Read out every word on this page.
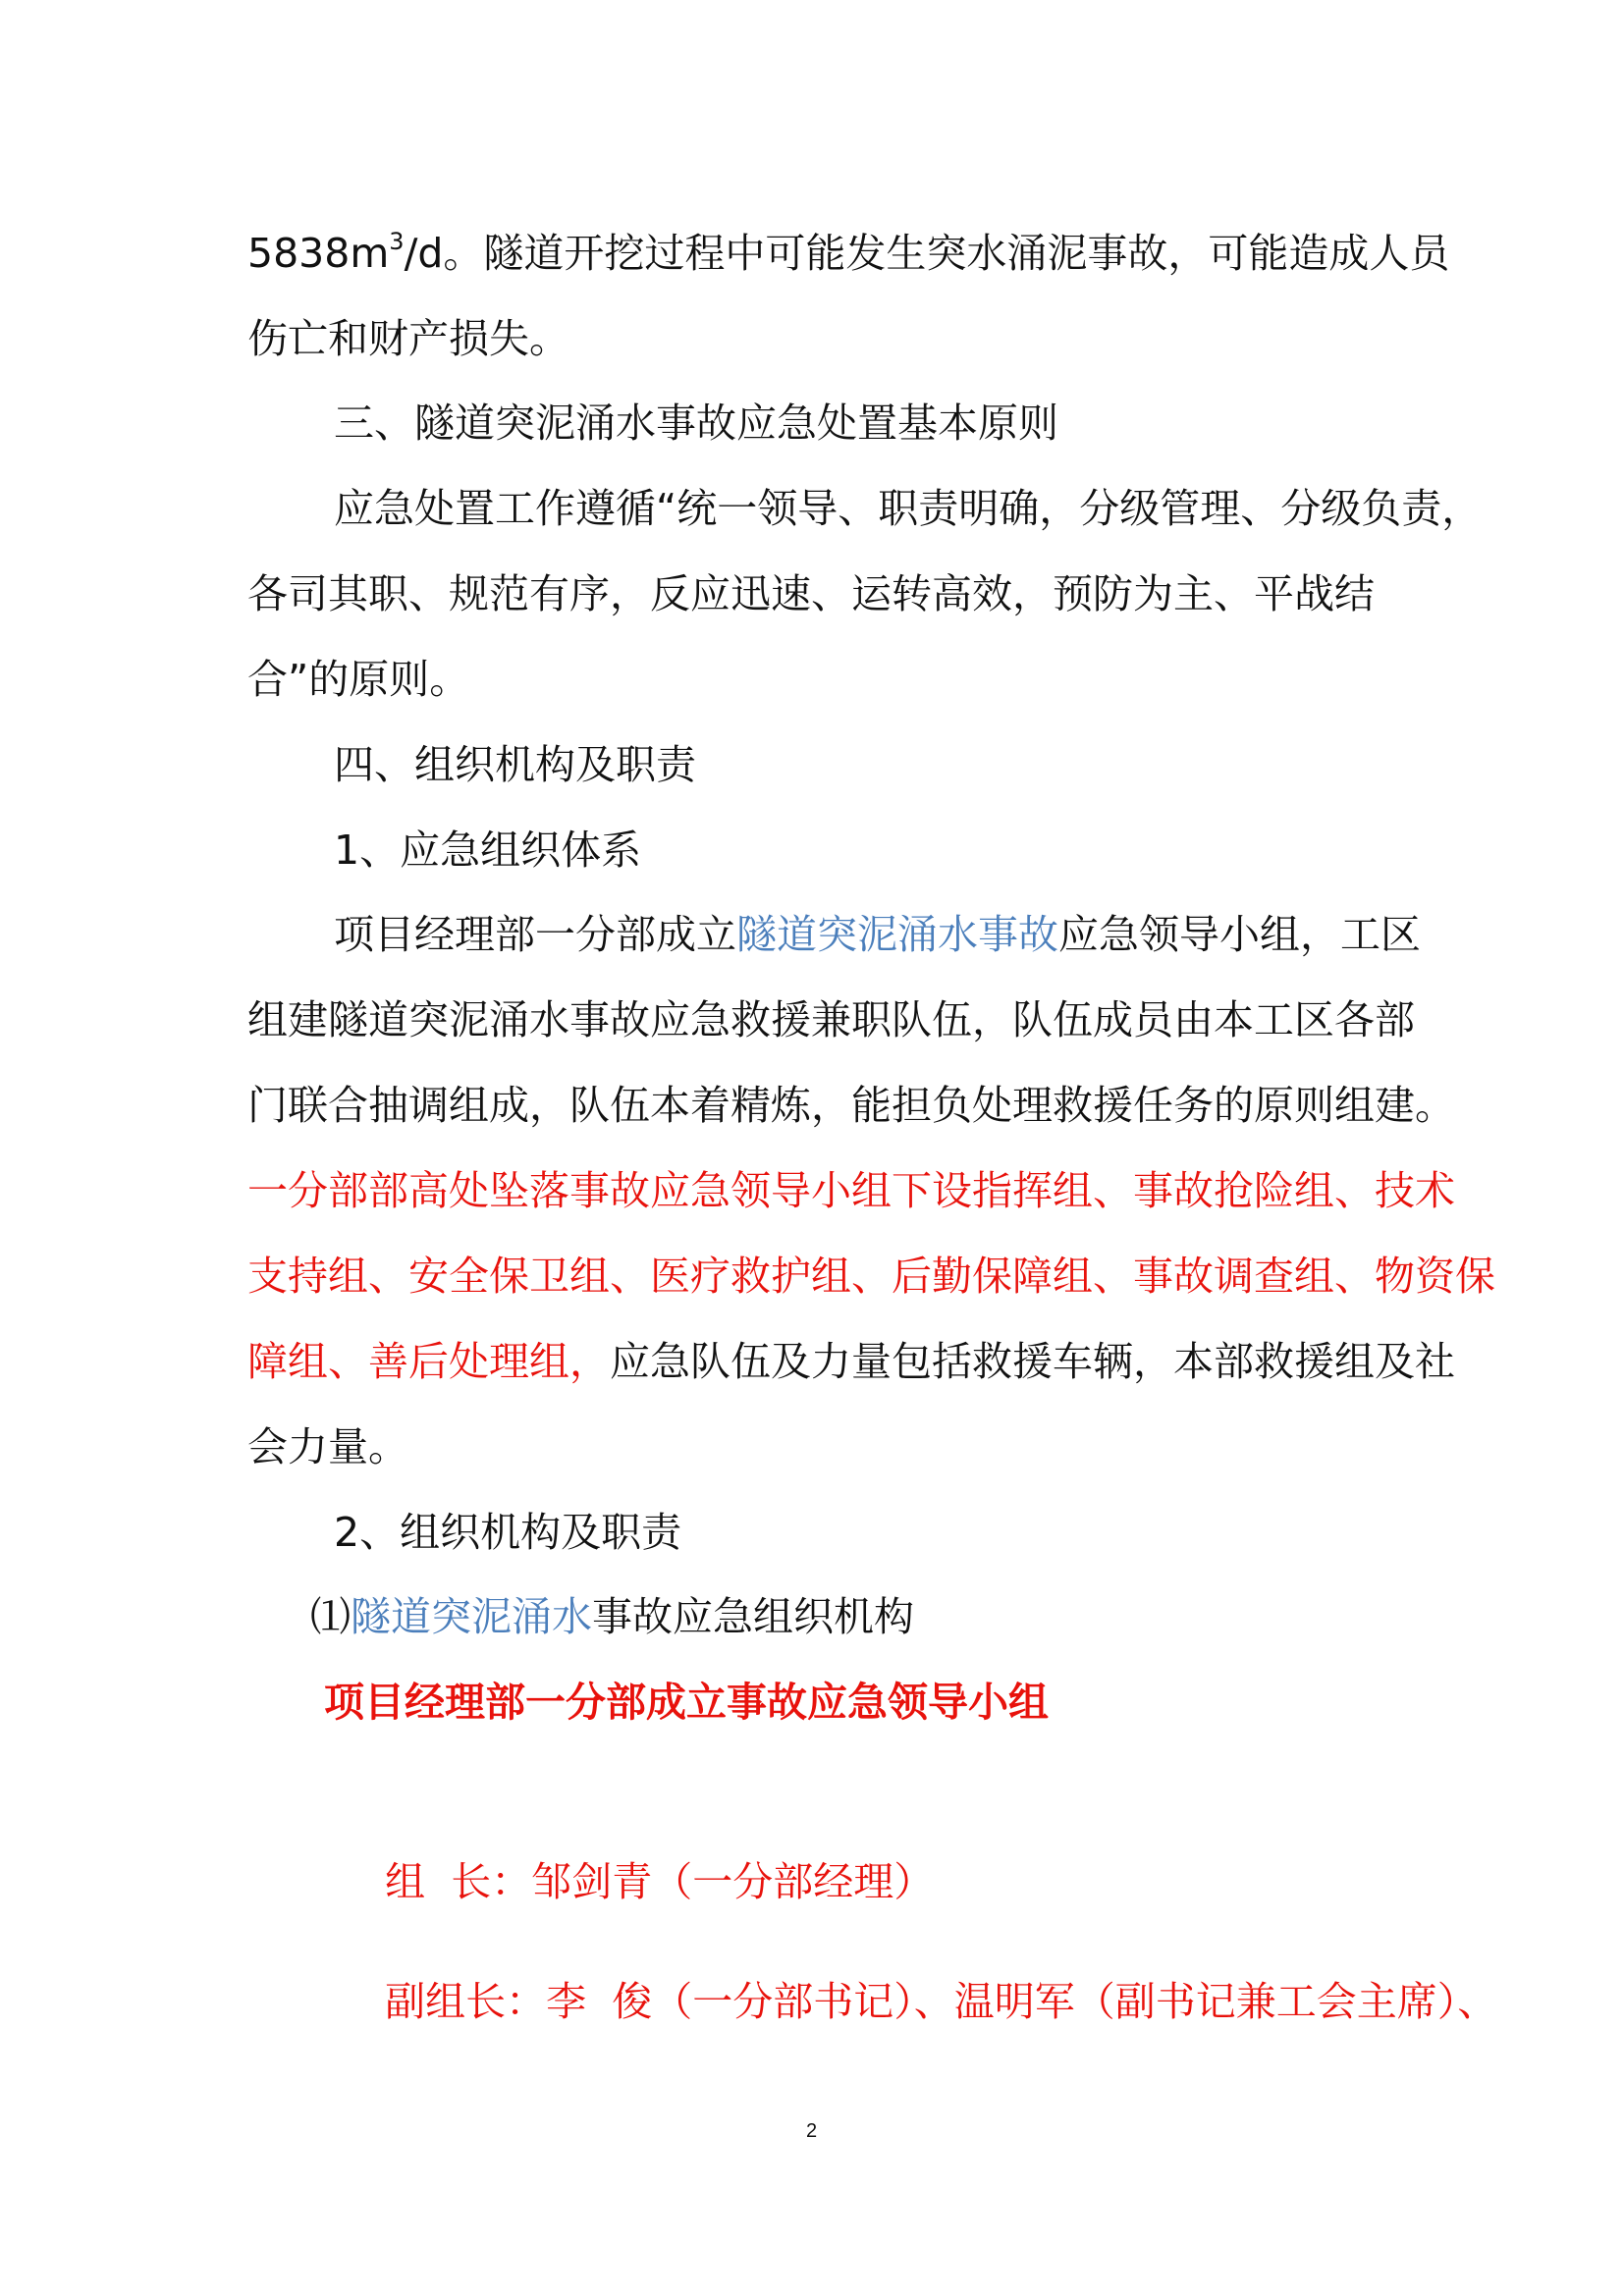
$5838m^3/d$。隧道开挖过程中可能发生突水涌泥事故，可能造成人员
伤亡和财产损失。
三、隧道突泥涌水事故应急处置基本原则
应急处置工作遵循“统一领导、职责明确，分级管理、分级负责，
各司其职、规范有序，反应迅速、运转高效，预防为主、平战结
合”的原则。
四、组织机构及职责
1、应急组织体系
项目经理部一分部成立隧道突泥涌水事故应急领导小组，工区
组建隧道突泥涌水事故应急救援兼职队伍，队伍成员由本工区各部
门联合抽调组成，队伍本着精炼，能担负处理救援任务的原则组建。
一分部部高处坠落事故应急领导小组下设指挥组、事故抢险组、技术
支持组、安全保卫组、医疗救护组、后勤保障组、事故调查组、物资保
障组、善后处理组，应急队伍及力量包括救援车辆，本部救援组及社
会力量。
2、组织机构及职责
⑴隧道突泥涌水事故应急组织机构
项目经理部一分部成立事故应急领导小组

组  长：邹剑青（一分部经理）

副组长：李  俊（一分部书记）、温明军（副书记兼工会主席）、

2
